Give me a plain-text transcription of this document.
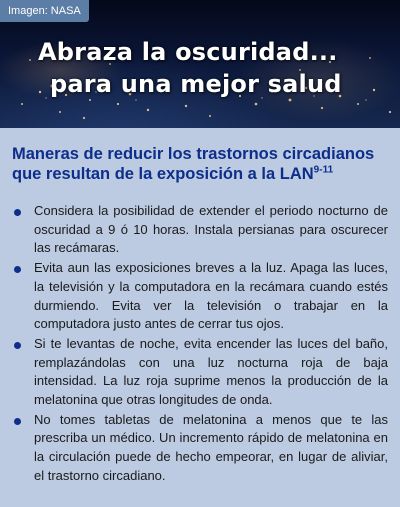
Imagen: NASA
Abraza la oscuridad...
para una mejor salud
Maneras de reducir los trastornos circadianos que resultan de la exposición a la LAN$^{9-11}$
Considera la posibilidad de extender el periodo nocturno de oscuridad a 9 ó 10 horas. Instala persianas para oscurecer las recámaras.
Evita aun las exposiciones breves a la luz. Apaga las luces, la televisión y la computadora en la recámara cuando estés durmiendo. Evita ver la televisión o trabajar en la computadora justo antes de cerrar tus ojos.
Si te levantas de noche, evita encender las luces del baño, remplazándolas con una luz nocturna roja de baja intensidad. La luz roja suprime menos la producción de la melatonina que otras longitudes de onda.
No tomes tabletas de melatonina a menos que te las prescriba un médico. Un incremento rápido de melatonina en la circulación puede de hecho empeorar, en lugar de aliviar, el trastorno circadiano.
